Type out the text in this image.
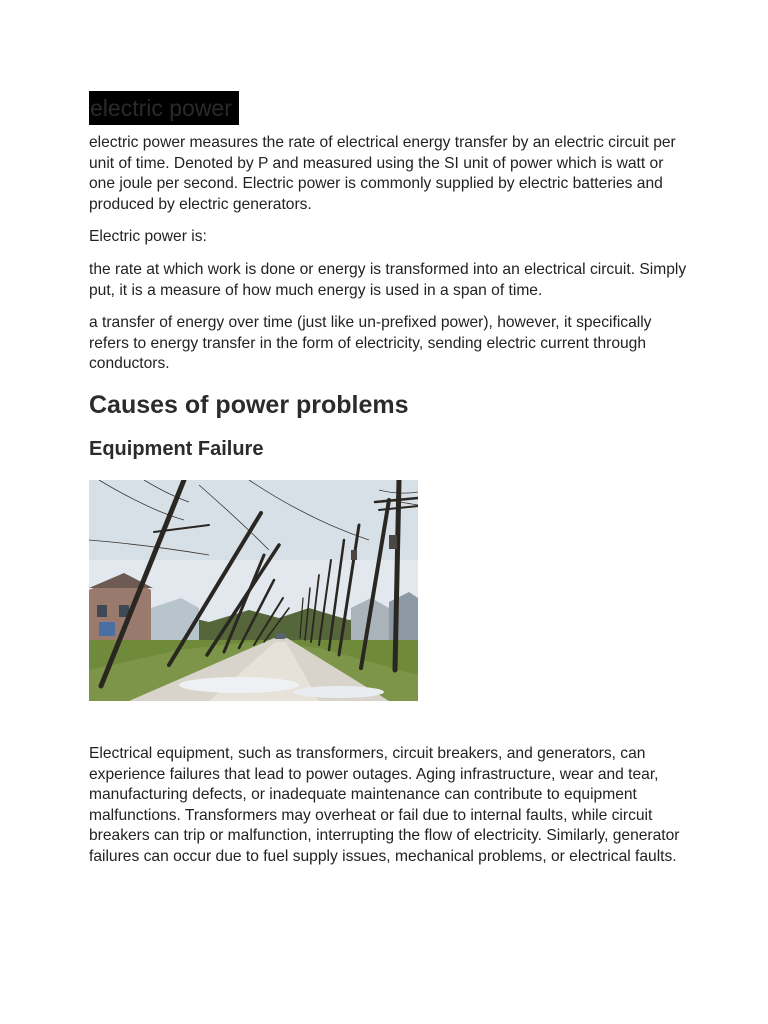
electric power

electric power measures the rate of electrical energy transfer by an electric circuit per unit of time. Denoted by P and measured using the SI unit of power which is watt or one joule per second. Electric power is commonly supplied by electric batteries and produced by electric generators.

Electric power is:

the rate at which work is done or energy is transformed into an electrical circuit. Simply put, it is a measure of how much energy is used in a span of time.

a transfer of energy over time (just like un-prefixed power), however, it specifically refers to energy transfer in the form of electricity, sending electric current through conductors.

Causes of power problems
Equipment Failure

Electrical equipment, such as transformers, circuit breakers, and generators, can experience failures that lead to power outages. Aging infrastructure, wear and tear, manufacturing defects, or inadequate maintenance can contribute to equipment malfunctions. Transformers may overheat or fail due to internal faults, while circuit breakers can trip or malfunction, interrupting the flow of electricity. Similarly, generator failures can occur due to fuel supply issues, mechanical problems, or electrical faults.
